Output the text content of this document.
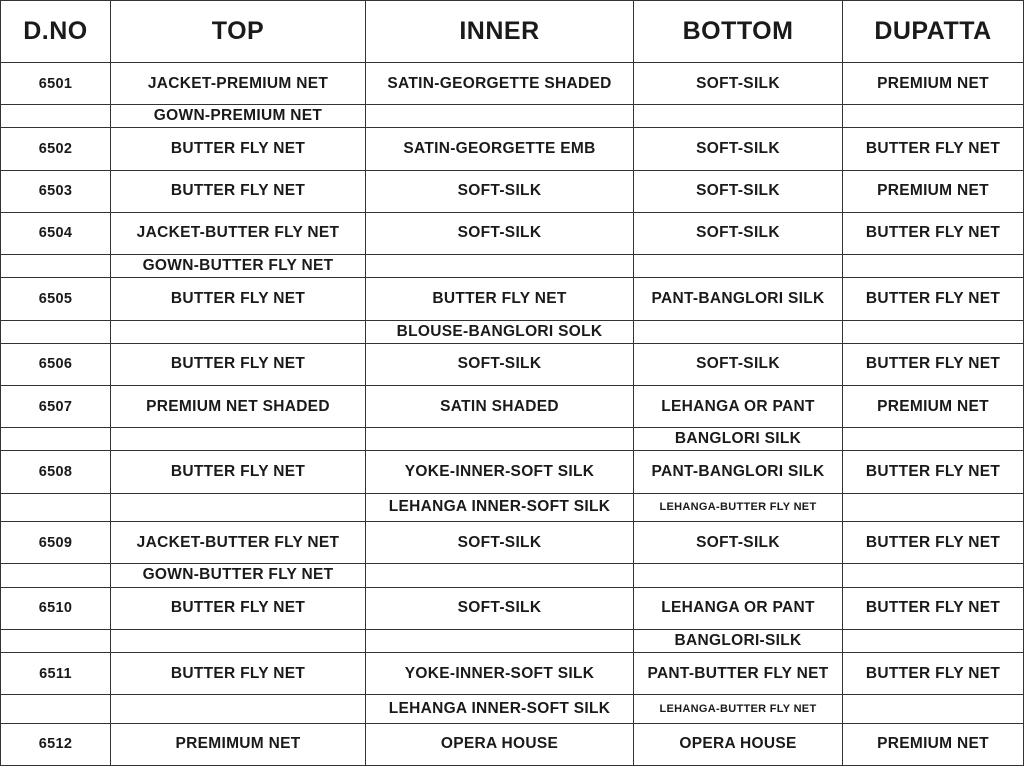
D.NO	TOP	INNER	BOTTOM	DUPATTA
6501	JACKET-PREMIUM NET	SATIN-GEORGETTE SHADED	SOFT-SILK	PREMIUM NET
	GOWN-PREMIUM NET			
6502	BUTTER FLY NET	SATIN-GEORGETTE EMB	SOFT-SILK	BUTTER FLY NET
6503	BUTTER FLY NET	SOFT-SILK	SOFT-SILK	PREMIUM NET
6504	JACKET-BUTTER FLY NET	SOFT-SILK	SOFT-SILK	BUTTER FLY NET
	GOWN-BUTTER FLY NET			
6505	BUTTER FLY NET	BUTTER FLY NET	PANT-BANGLORI SILK	BUTTER FLY NET
		BLOUSE-BANGLORI SOLK		
6506	BUTTER FLY NET	SOFT-SILK	SOFT-SILK	BUTTER FLY NET
6507	PREMIUM NET SHADED	SATIN SHADED	LEHANGA OR PANT	PREMIUM NET
			BANGLORI SILK	
6508	BUTTER FLY NET	YOKE-INNER-SOFT SILK	PANT-BANGLORI SILK	BUTTER FLY NET
		LEHANGA INNER-SOFT SILK	LEHANGA-BUTTER FLY NET	
6509	JACKET-BUTTER FLY NET	SOFT-SILK	SOFT-SILK	BUTTER FLY NET
	GOWN-BUTTER FLY NET			
6510	BUTTER FLY NET	SOFT-SILK	LEHANGA OR PANT	BUTTER FLY NET
			BANGLORI-SILK	
6511	BUTTER FLY NET	YOKE-INNER-SOFT SILK	PANT-BUTTER FLY NET	BUTTER FLY NET
		LEHANGA INNER-SOFT SILK	LEHANGA-BUTTER FLY NET	
6512	PREMIMUM NET	OPERA HOUSE	OPERA HOUSE	PREMIUM NET
